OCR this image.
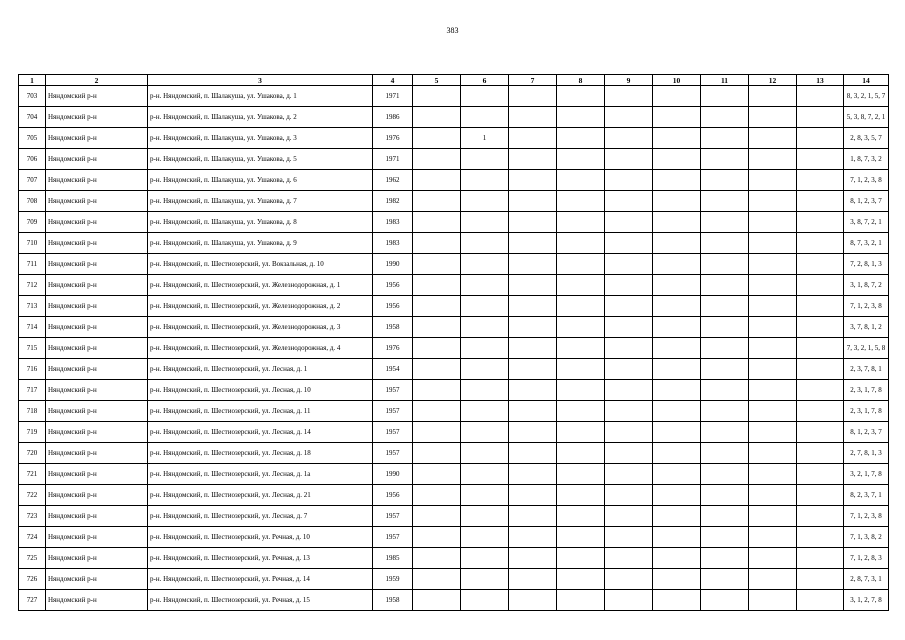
383
1	2	3	4	5	6	7	8	9	10	11	12	13	14
703	Няндомский р-н	р-н. Няндомский, п. Шалакуша, ул. Ушакова, д. 1	1971										8, 3, 2, 1, 5, 7
704	Няндомский р-н	р-н. Няндомский, п. Шалакуша, ул. Ушакова, д. 2	1986										5, 3, 8, 7, 2, 1
705	Няндомский р-н	р-н. Няндомский, п. Шалакуша, ул. Ушакова, д. 3	1976		1								2, 8, 3, 5, 7
706	Няндомский р-н	р-н. Няндомский, п. Шалакуша, ул. Ушакова, д. 5	1971										1, 8, 7, 3, 2
707	Няндомский р-н	р-н. Няндомский, п. Шалакуша, ул. Ушакова, д. 6	1962										7, 1, 2, 3, 8
708	Няндомский р-н	р-н. Няндомский, п. Шалакуша, ул. Ушакова, д. 7	1982										8, 1, 2, 3, 7
709	Няндомский р-н	р-н. Няндомский, п. Шалакуша, ул. Ушакова, д. 8	1983										3, 8, 7, 2, 1
710	Няндомский р-н	р-н. Няндомский, п. Шалакуша, ул. Ушакова, д. 9	1983										8, 7, 3, 2, 1
711	Няндомский р-н	р-н. Няндомский, п. Шестиозерский, ул. Вокзальная, д. 10	1990										7, 2, 8, 1, 3
712	Няндомский р-н	р-н. Няндомский, п. Шестиозерский, ул. Железнодорожная, д. 1	1956										3, 1, 8, 7, 2
713	Няндомский р-н	р-н. Няндомский, п. Шестиозерский, ул. Железнодорожная, д. 2	1956										7, 1, 2, 3, 8
714	Няндомский р-н	р-н. Няндомский, п. Шестиозерский, ул. Железнодорожная, д. 3	1958										3, 7, 8, 1, 2
715	Няндомский р-н	р-н. Няндомский, п. Шестиозерский, ул. Железнодорожная, д. 4	1976										7, 3, 2, 1, 5, 8
716	Няндомский р-н	р-н. Няндомский, п. Шестиозерский, ул. Лесная, д. 1	1954										2, 3, 7, 8, 1
717	Няндомский р-н	р-н. Няндомский, п. Шестиозерский, ул. Лесная, д. 10	1957										2, 3, 1, 7, 8
718	Няндомский р-н	р-н. Няндомский, п. Шестиозерский, ул. Лесная, д. 11	1957										2, 3, 1, 7, 8
719	Няндомский р-н	р-н. Няндомский, п. Шестиозерский, ул. Лесная, д. 14	1957										8, 1, 2, 3, 7
720	Няндомский р-н	р-н. Няндомский, п. Шестиозерский, ул. Лесная, д. 18	1957										2, 7, 8, 1, 3
721	Няндомский р-н	р-н. Няндомский, п. Шестиозерский, ул. Лесная, д. 1а	1990										3, 2, 1, 7, 8
722	Няндомский р-н	р-н. Няндомский, п. Шестиозерский, ул. Лесная, д. 21	1956										8, 2, 3, 7, 1
723	Няндомский р-н	р-н. Няндомский, п. Шестиозерский, ул. Лесная, д. 7	1957										7, 1, 2, 3, 8
724	Няндомский р-н	р-н. Няндомский, п. Шестиозерский, ул. Речная, д. 10	1957										7, 1, 3, 8, 2
725	Няндомский р-н	р-н. Няндомский, п. Шестиозерский, ул. Речная, д. 13	1985										7, 1, 2, 8, 3
726	Няндомский р-н	р-н. Няндомский, п. Шестиозерский, ул. Речная, д. 14	1959										2, 8, 7, 3, 1
727	Няндомский р-н	р-н. Няндомский, п. Шестиозерский, ул. Речная, д. 15	1958										3, 1, 2, 7, 8
